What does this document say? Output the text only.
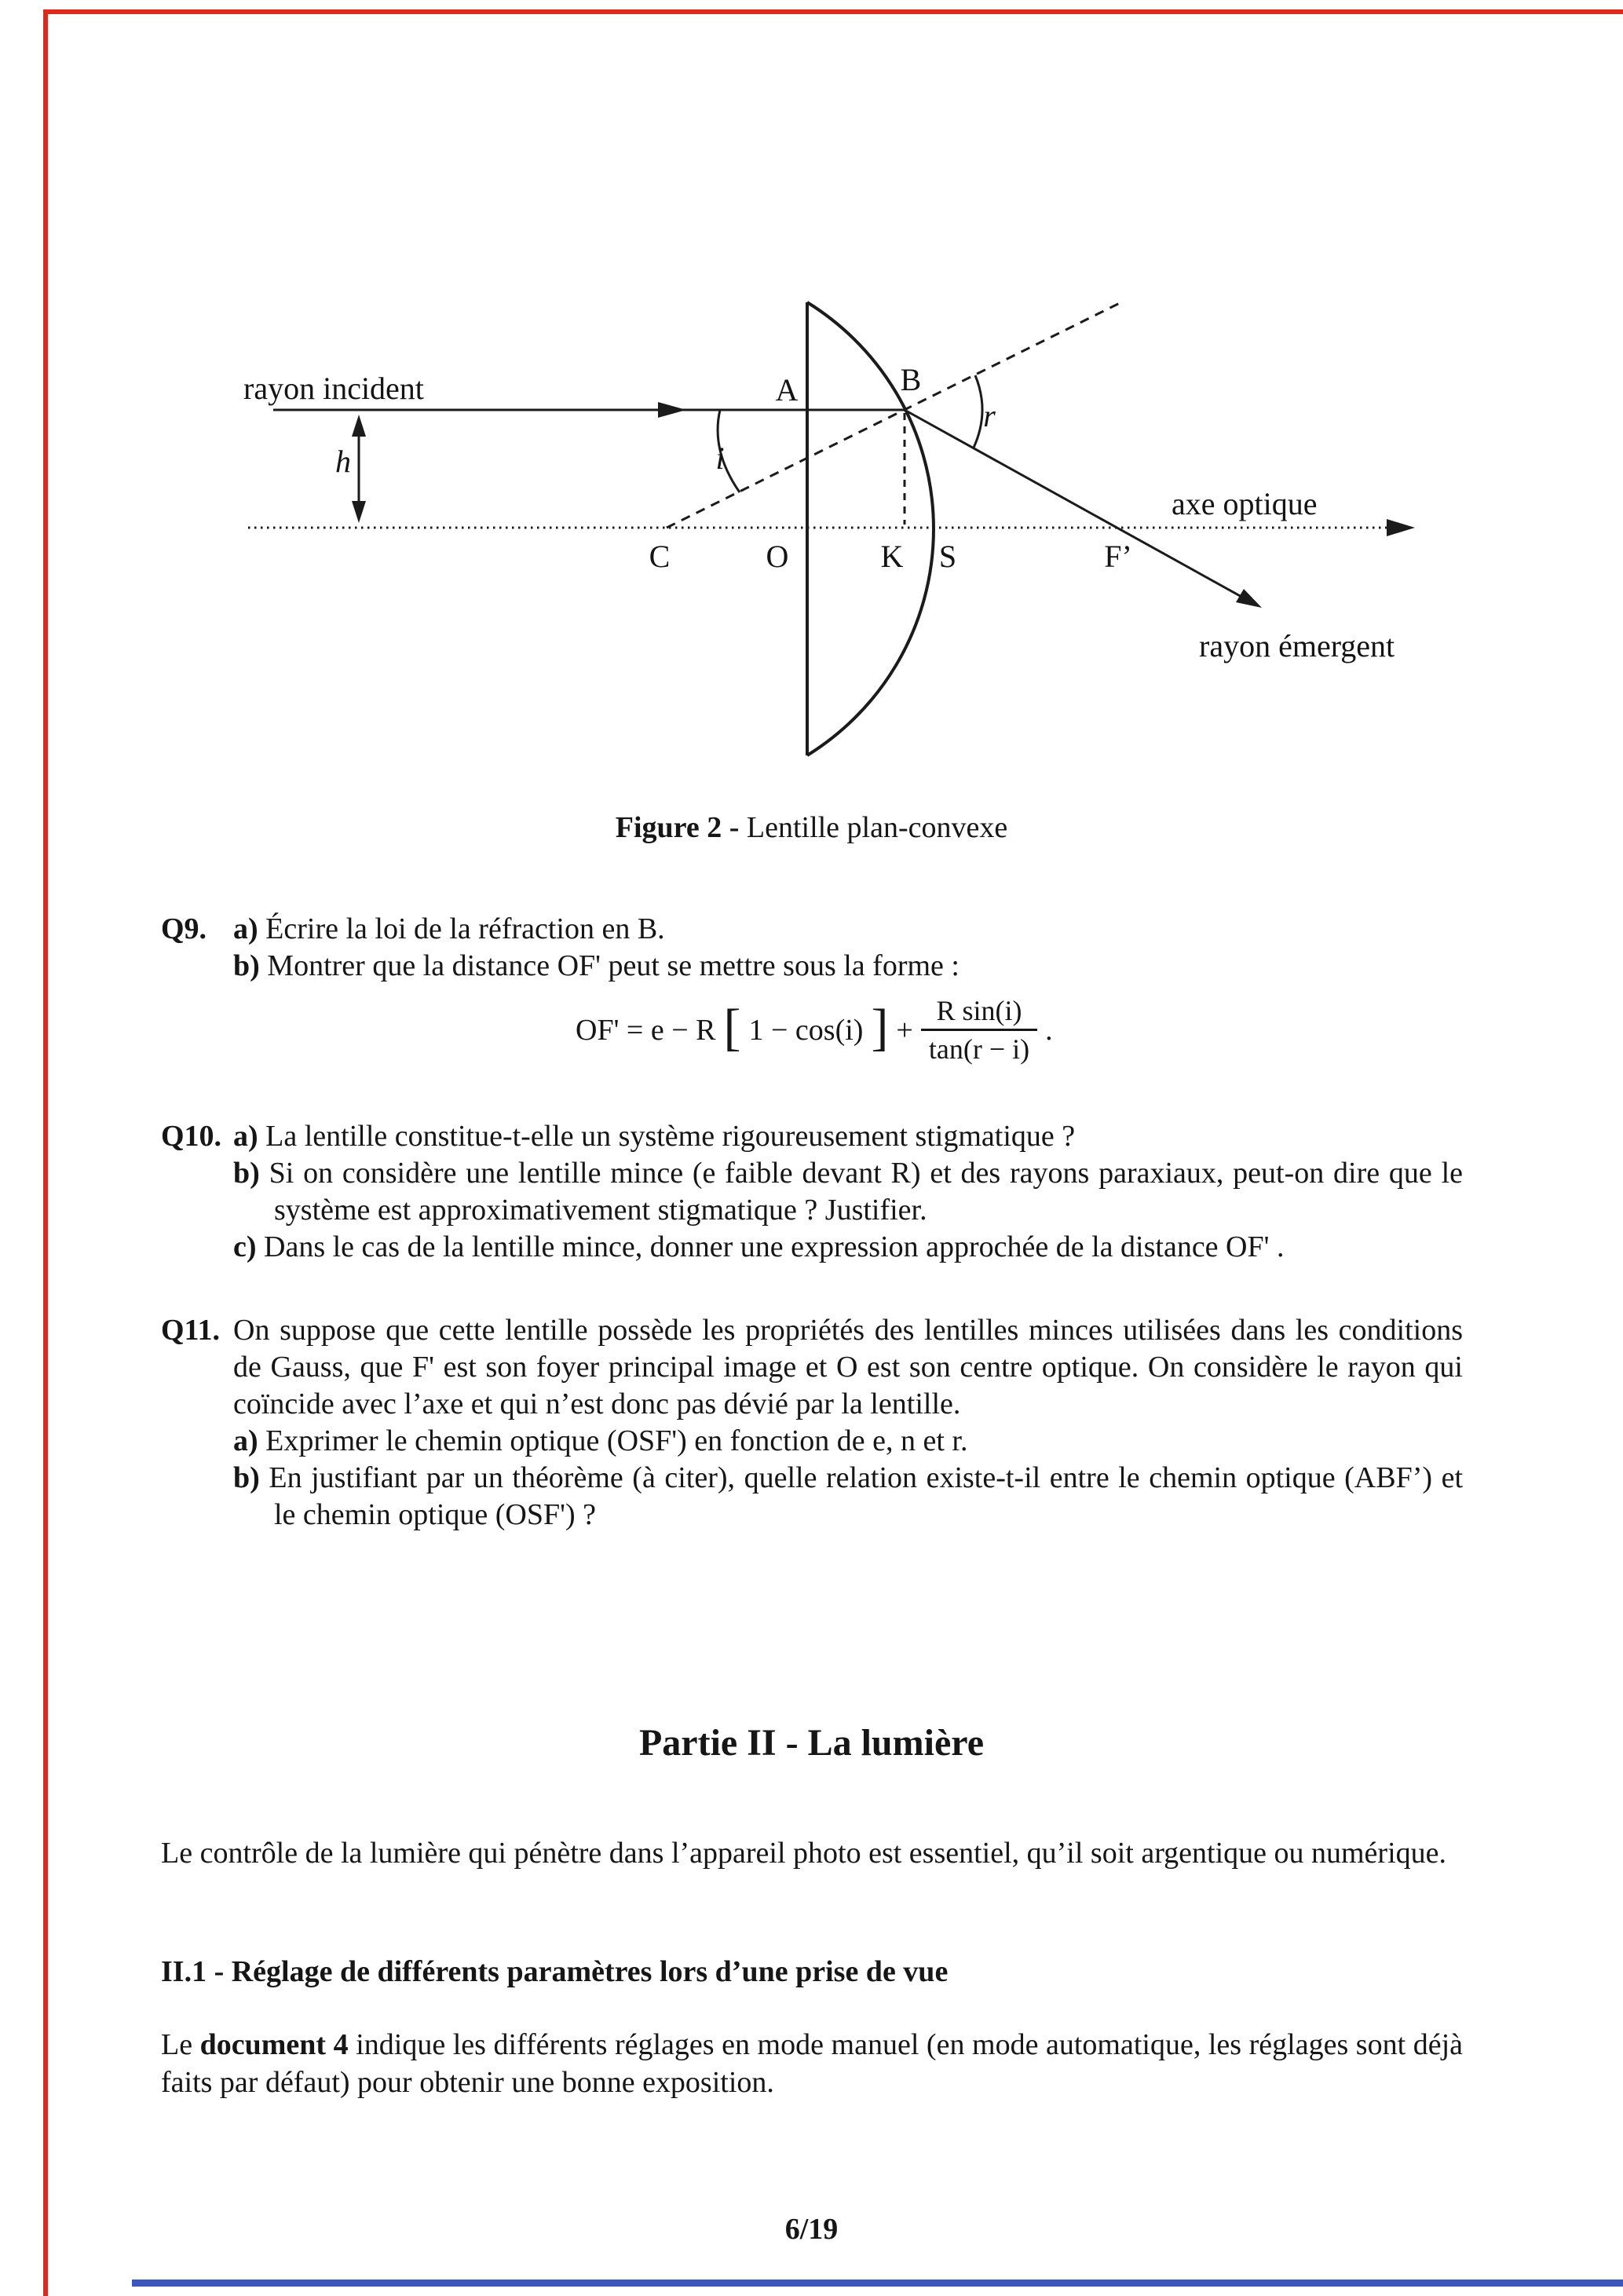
rayon incident
h
A	B
i
r
axe optique
C	O	K S	F’
rayon émergent
Figure 2 - Lentille plan-convexe
Q9. a) Écrire la loi de la réfraction en B.
b) Montrer que la distance OF' peut se mettre sous la forme :
OF' = e − R [ 1 − cos(i) ] + $\frac{\text{R sin(i)}}{\tan(r - i)}$ .
Q10. a) La lentille constitue-t-elle un système rigoureusement stigmatique ?
b) Si on considère une lentille mince (e faible devant R) et des rayons paraxiaux, peut-on dire que le système est approximativement stigmatique ? Justifier.
c) Dans le cas de la lentille mince, donner une expression approchée de la distance OF' .
Q11. On suppose que cette lentille possède les propriétés des lentilles minces utilisées dans les conditions de Gauss, que F' est son foyer principal image et O est son centre optique. On considère le rayon qui coïncide avec l’axe et qui n’est donc pas dévié par la lentille.
a) Exprimer le chemin optique (OSF') en fonction de e, n et r.
b) En justifiant par un théorème (à citer), quelle relation existe-t-il entre le chemin optique (ABF’) et le chemin optique (OSF') ?
Partie II - La lumière
Le contrôle de la lumière qui pénètre dans l’appareil photo est essentiel, qu’il soit argentique ou numérique.
II.1 - Réglage de différents paramètres lors d’une prise de vue
Le document 4 indique les différents réglages en mode manuel (en mode automatique, les réglages sont déjà faits par défaut) pour obtenir une bonne exposition.
6/19
